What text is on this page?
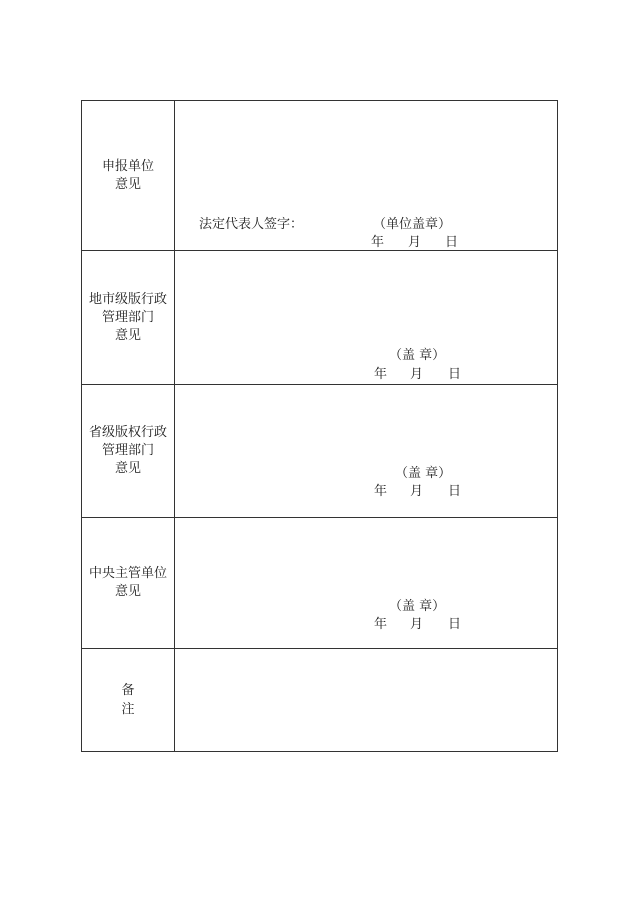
申报单位
意见
法定代表人签字：	（单位盖章）
年 月 日
地市级版行政
管理部门
意见
（盖 章）
年 月 日
省级版权行政
管理部门
意见	（盖 章）
年 月 日
中央主管单位
意见
（盖 章）
年 月 日
备
注
